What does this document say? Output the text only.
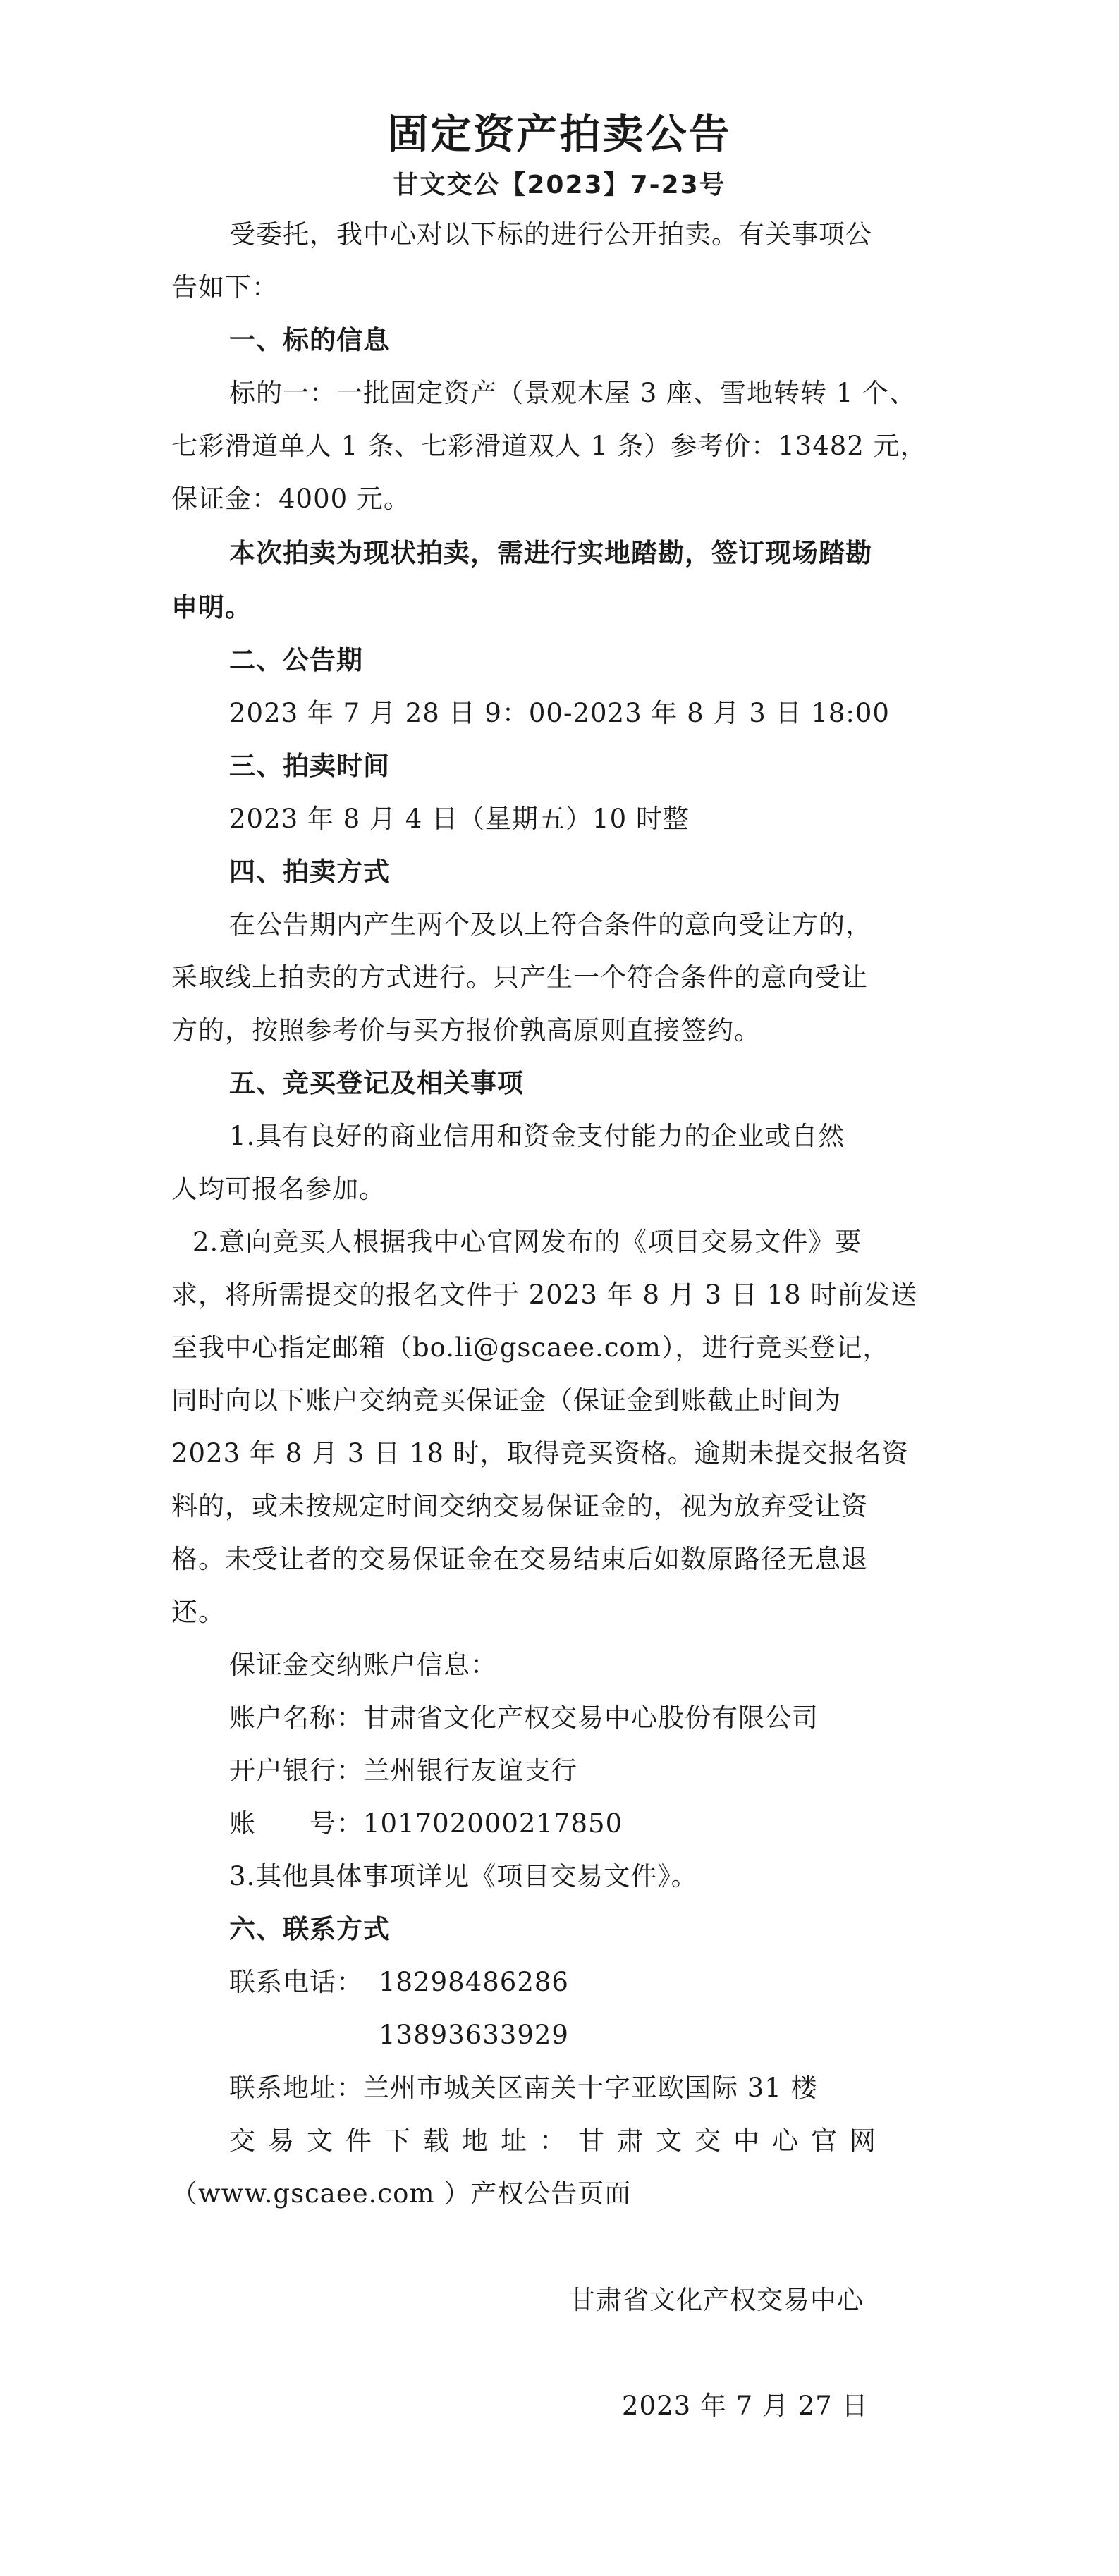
固定资产拍卖公告
甘文交公【2023】7-23号
受委托，我中心对以下标的进行公开拍卖。有关事项公
告如下：
一、标的信息
标的一：一批固定资产（景观木屋 3 座、雪地转转 1 个、
七彩滑道单人 1 条、七彩滑道双人 1 条）参考价：13482 元，
保证金：4000 元。
本次拍卖为现状拍卖，需进行实地踏勘，签订现场踏勘
申明。
二、公告期
2023 年 7 月 28 日 9：00-2023 年 8 月 3 日 18:00
三、拍卖时间
2023 年 8 月 4 日（星期五）10 时整
四、拍卖方式
在公告期内产生两个及以上符合条件的意向受让方的，
采取线上拍卖的方式进行。只产生一个符合条件的意向受让
方的，按照参考价与买方报价孰高原则直接签约。
五、竞买登记及相关事项
1.具有良好的商业信用和资金支付能力的企业或自然
人均可报名参加。
2.意向竞买人根据我中心官网发布的《项目交易文件》要
求，将所需提交的报名文件于 2023 年 8 月 3 日 18 时前发送
至我中心指定邮箱（bo.li@gscaee.com），进行竞买登记，
同时向以下账户交纳竞买保证金（保证金到账截止时间为
2023 年 8 月 3 日 18 时，取得竞买资格。逾期未提交报名资
料的，或未按规定时间交纳交易保证金的，视为放弃受让资
格。未受让者的交易保证金在交易结束后如数原路径无息退
还。
保证金交纳账户信息：
账户名称：甘肃省文化产权交易中心股份有限公司
开户银行：兰州银行友谊支行
账　　号：101702000217850
3.其他具体事项详见《项目交易文件》。
六、联系方式
联系电话： 18298486286
13893633929
联系地址：兰州市城关区南关十字亚欧国际 31 楼
交易文件下载地址：甘肃文交中心官网
（www.gscaee.com ）产权公告页面
甘肃省文化产权交易中心
2023 年 7 月 27 日
